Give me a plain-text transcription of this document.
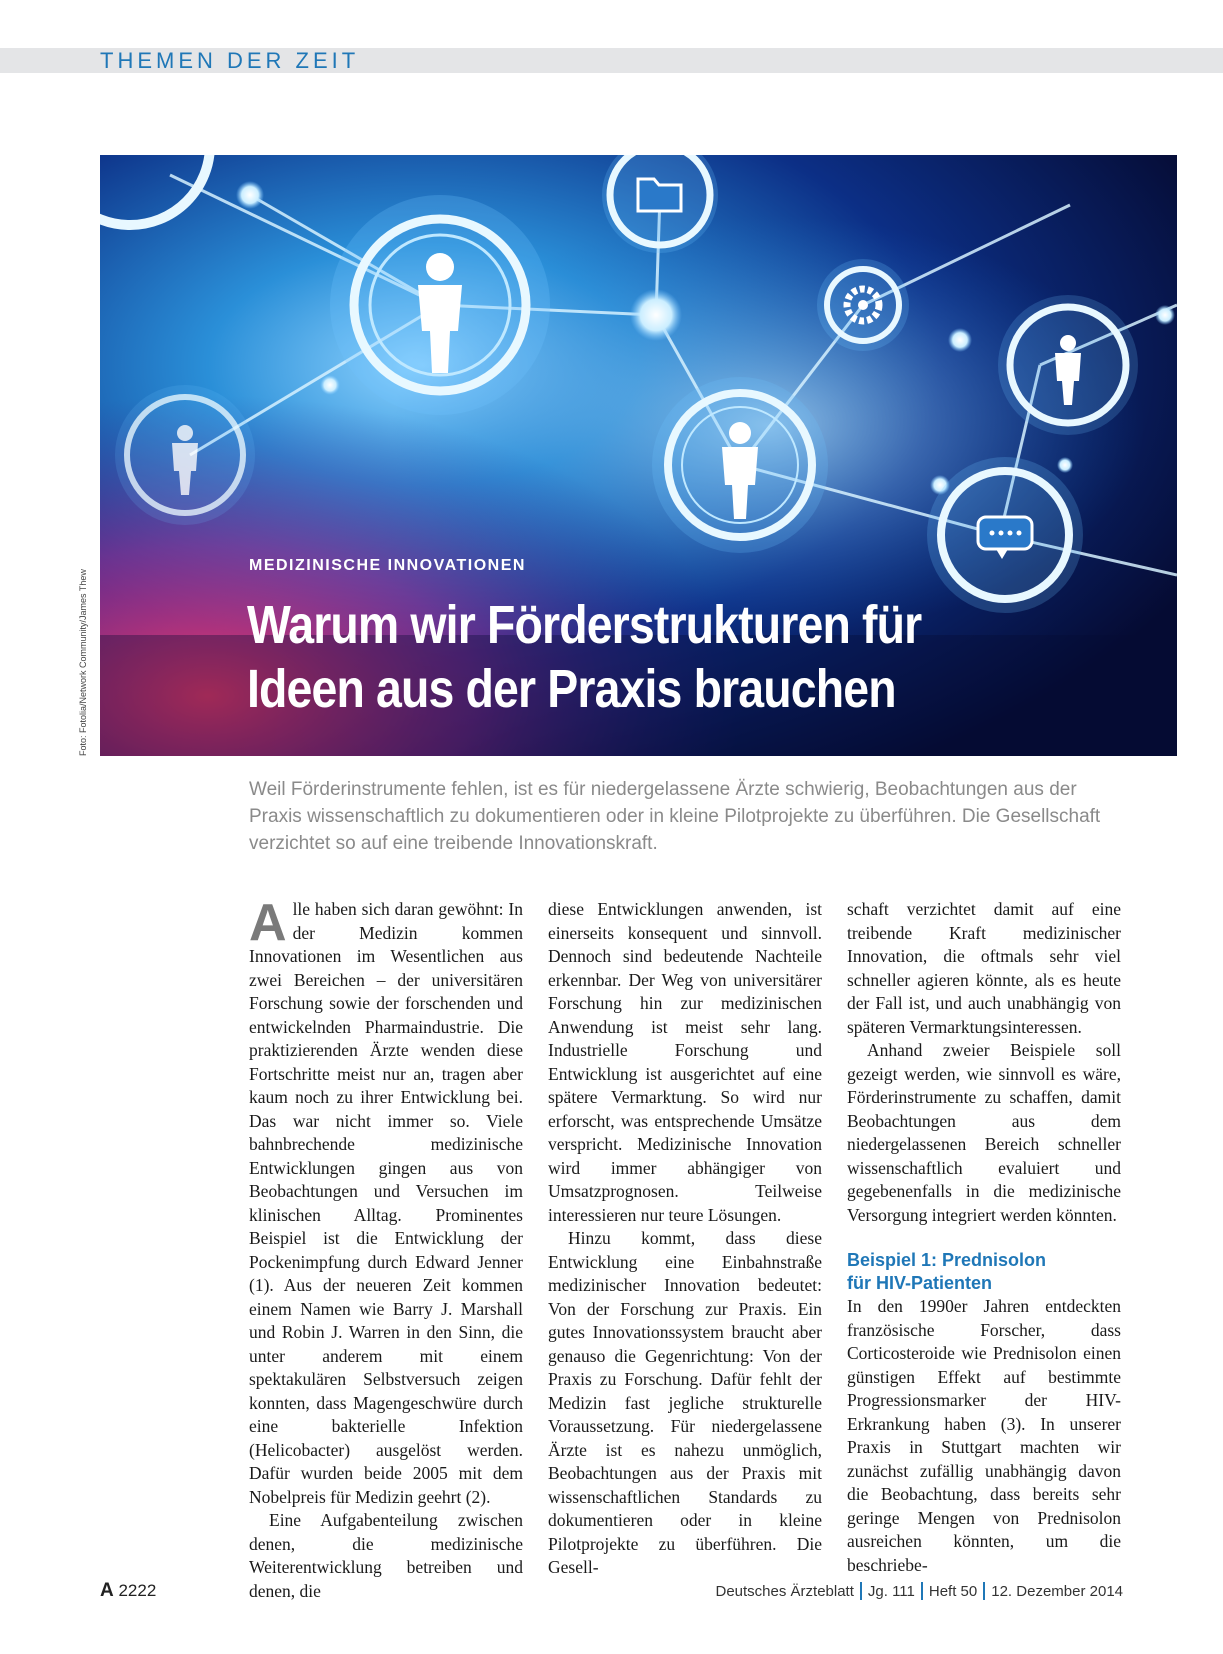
THEMEN DER ZEIT
MEDIZINISCHE INNOVATIONEN
Warum wir Förderstrukturen für
Ideen aus der Praxis brauchen
Foto: Fotolia/Network Community/James Thew

Weil Förderinstrumente fehlen, ist es für niedergelassene Ärzte schwierig, Beobachtungen aus der Praxis wissenschaftlich zu dokumentieren oder in kleine Pilotprojekte zu überführen. Die Gesellschaft verzichtet so auf eine treibende Innovationskraft.

Alle haben sich daran gewöhnt: In der Medizin kommen Innovationen im Wesentlichen aus zwei Bereichen – der universitären Forschung sowie der forschenden und entwickelnden Pharmaindustrie. Die praktizierenden Ärzte wenden diese Fortschritte meist nur an, tragen aber kaum noch zu ihrer Entwicklung bei. Das war nicht immer so. Viele bahnbrechende medizinische Entwicklungen gingen aus von Beobachtungen und Versuchen im klinischen Alltag. Prominentes Beispiel ist die Entwicklung der Pockenimpfung durch Edward Jenner (1). Aus der neueren Zeit kommen einem Namen wie Barry J. Marshall und Robin J. Warren in den Sinn, die unter anderem mit einem spektakulären Selbstversuch zeigen konnten, dass Magengeschwüre durch eine bakterielle Infektion (Helicobacter) ausgelöst werden. Dafür wurden beide 2005 mit dem Nobelpreis für Medizin geehrt (2).

Eine Aufgabenteilung zwischen denen, die medizinische Weiterentwicklung betreiben und denen, die

diese Entwicklungen anwenden, ist einerseits konsequent und sinnvoll. Dennoch sind bedeutende Nachteile erkennbar. Der Weg von universitärer Forschung hin zur medizinischen Anwendung ist meist sehr lang. Industrielle Forschung und Entwicklung ist ausgerichtet auf eine spätere Vermarktung. So wird nur erforscht, was entsprechende Umsätze verspricht. Medizinische Innovation wird immer abhängiger von Umsatzprognosen. Teilweise interessieren nur teure Lösungen.

Hinzu kommt, dass diese Entwicklung eine Einbahnstraße medizinischer Innovation bedeutet: Von der Forschung zur Praxis. Ein gutes Innovationssystem braucht aber genauso die Gegenrichtung: Von der Praxis zu Forschung. Dafür fehlt der Medizin fast jegliche strukturelle Voraussetzung. Für niedergelassene Ärzte ist es nahezu unmöglich, Beobachtungen aus der Praxis mit wissenschaftlichen Standards zu dokumentieren oder in kleine Pilotprojekte zu überführen. Die Gesell-

schaft verzichtet damit auf eine treibende Kraft medizinischer Innovation, die oftmals sehr viel schneller agieren könnte, als es heute der Fall ist, und auch unabhängig von späteren Vermarktungsinteressen.

Anhand zweier Beispiele soll gezeigt werden, wie sinnvoll es wäre, Förderinstrumente zu schaffen, damit Beobachtungen aus dem niedergelassenen Bereich schneller wissenschaftlich evaluiert und gegebenenfalls in die medizinische Versorgung integriert werden könnten.

Beispiel 1: Prednisolon
für HIV-Patienten

In den 1990er Jahren entdeckten französische Forscher, dass Corticosteroide wie Prednisolon einen günstigen Effekt auf bestimmte Progressionsmarker der HIV-Erkrankung haben (3). In unserer Praxis in Stuttgart machten wir zunächst zufällig unabhängig davon die Beobachtung, dass bereits sehr geringe Mengen von Prednisolon ausreichen könnten, um die beschriebe-

A 2222	Deutsches Ärzteblatt Jg. 111 Heft 50 12. Dezember 2014
